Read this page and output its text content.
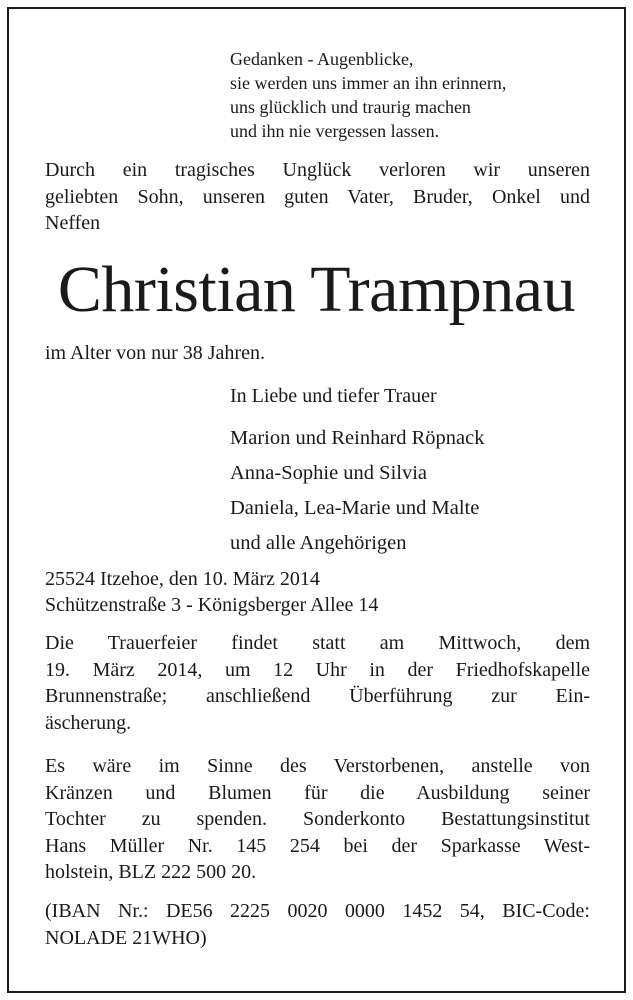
Gedanken - Augenblicke,
sie werden uns immer an ihn erinnern,
uns glücklich und traurig machen
und ihn nie vergessen lassen.
Durch ein tragisches Unglück verloren wir unseren
geliebten Sohn, unseren guten Vater, Bruder, Onkel und
Neffen
Christian Trampnau
im Alter von nur 38 Jahren.
In Liebe und tiefer Trauer
Marion und Reinhard Röpnack
Anna-Sophie und Silvia
Daniela, Lea-Marie und Malte
und alle Angehörigen
25524 Itzehoe, den 10. März 2014
Schützenstraße 3 - Königsberger Allee 14
Die Trauerfeier findet statt am Mittwoch, dem
19. März 2014, um 12 Uhr in der Friedhofskapelle
Brunnenstraße; anschließend Überführung zur Ein-
äscherung.
Es wäre im Sinne des Verstorbenen, anstelle von
Kränzen und Blumen für die Ausbildung seiner
Tochter zu spenden. Sonderkonto Bestattungsinstitut
Hans Müller Nr. 145 254 bei der Sparkasse West-
holstein, BLZ 222 500 20.
(IBAN Nr.: DE56 2225 0020 0000 1452 54, BIC-Code:
NOLADE 21WHO)
